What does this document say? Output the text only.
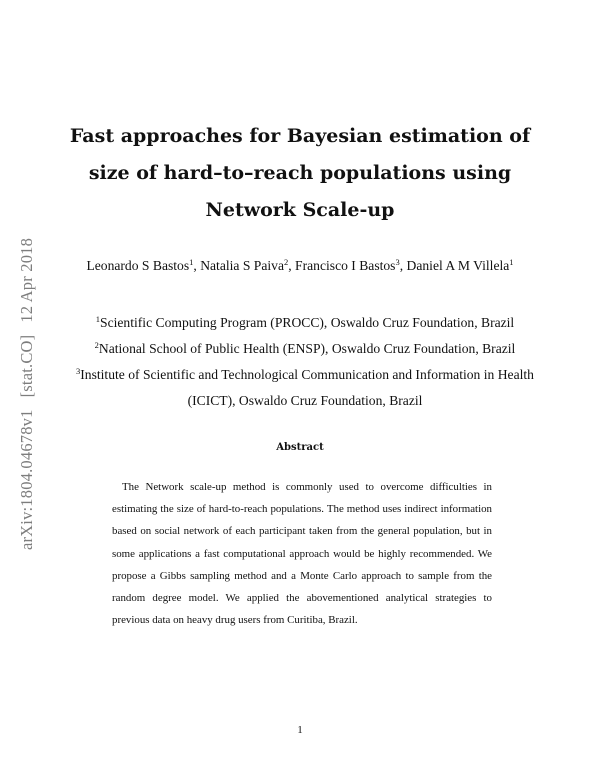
arXiv:1804.04678v1[stat.CO]12 Apr 2018
Fast approaches for Bayesian estimation of
size of hard–to–reach populations using
Network Scale-up
Leonardo S Bastos$^1$, Natalia S Paiva$^2$, Francisco I Bastos$^3$, Daniel A M Villela$^1$
$^1$Scientific Computing Program (PROCC), Oswaldo Cruz Foundation, Brazil
$^2$National School of Public Health (ENSP), Oswaldo Cruz Foundation, Brazil
$^3$Institute of Scientific and Technological Communication and Information in Health (ICICT), Oswaldo Cruz Foundation, Brazil
Abstract
The Network scale-up method is commonly used to overcome difficulties in estimating the size of hard-to-reach populations. The method uses indirect information based on social network of each participant taken from the general population, but in some applications a fast computational approach would be highly recommended. We propose a Gibbs sampling method and a Monte Carlo approach to sample from the random degree model. We applied the abovementioned analytical strategies to previous data on heavy drug users from Curitiba, Brazil.
1
